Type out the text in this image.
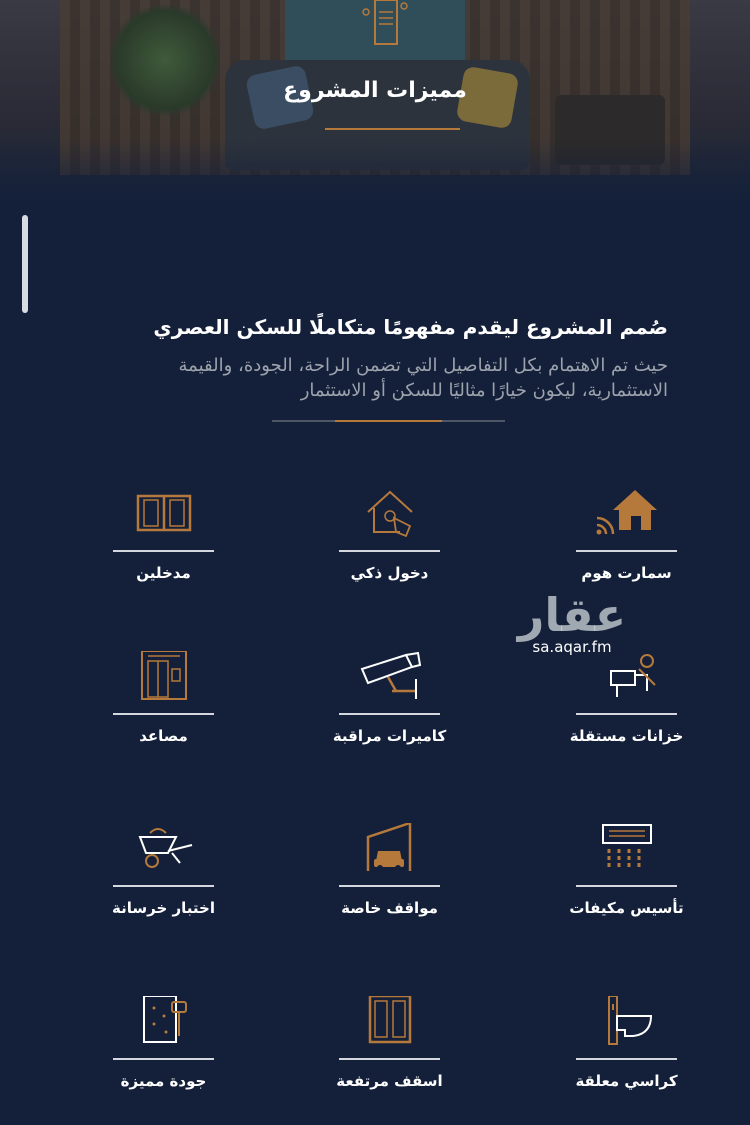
مميزات المشروع
صُمم المشروع ليقدم مفهومًا متكاملًا للسكن العصري
حيث تم الاهتمام بكل التفاصيل التي تضمن الراحة، الجودة، والقيمة الاستثمارية، ليكون خيارًا مثاليًا للسكن أو الاستثمار
مدخلين	دخول ذكي	سمارت هوم
مصاعد	كاميرات مراقبة	خزانات مستقلة
اختبار خرسانة	مواقف خاصة	تأسيس مكيفات
جودة مميزة	اسقف مرتفعة	كراسي معلقة
عقار
sa.aqar.fm
